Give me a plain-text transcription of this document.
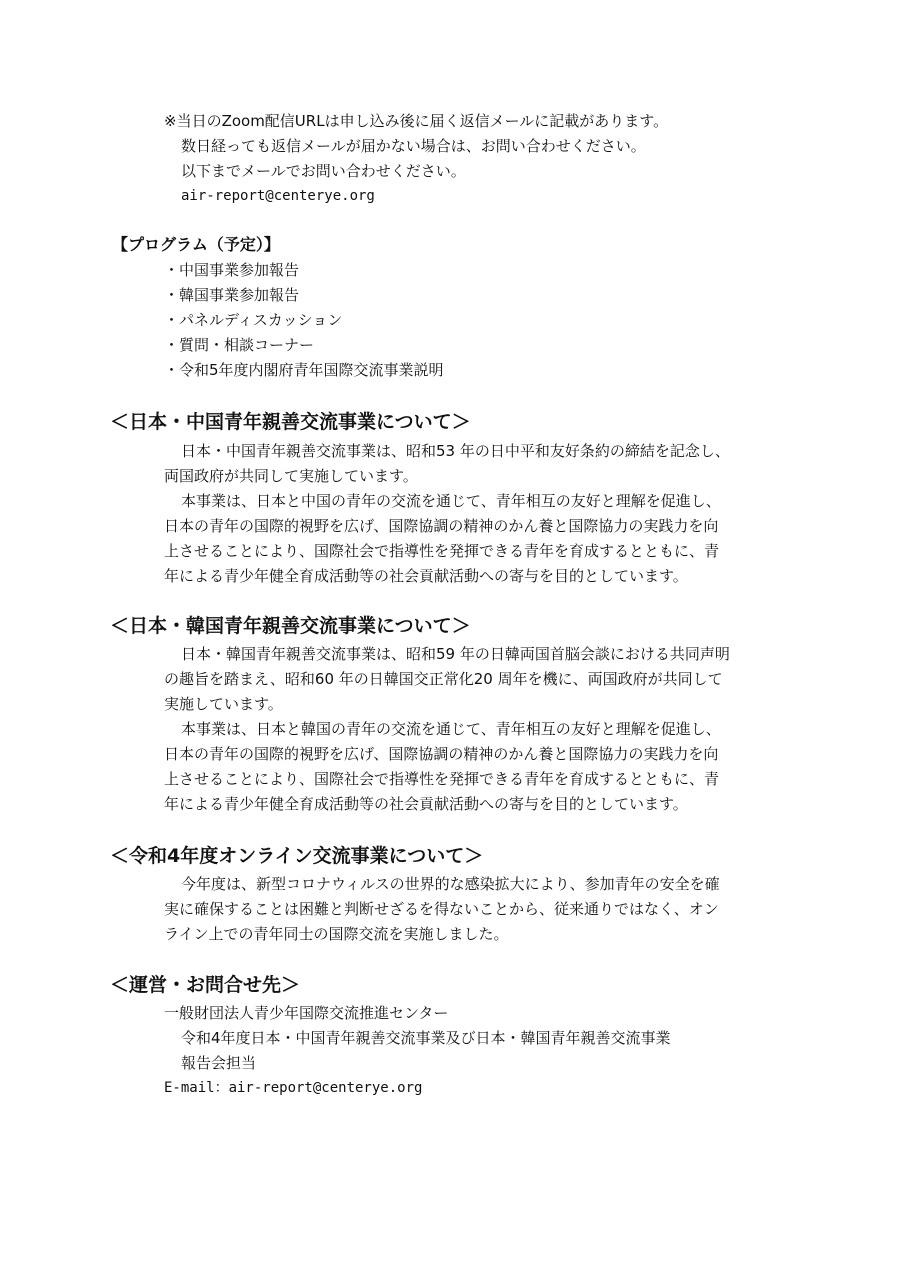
※当日のZoom配信URLは申し込み後に届く返信メールに記載があります。
数日経っても返信メールが届かない場合は、お問い合わせください。
以下までメールでお問い合わせください。
air-report@centerye.org
【プログラム（予定）】
・中国事業参加報告
・韓国事業参加報告
・パネルディスカッション
・質問・相談コーナー
・令和5年度内閣府青年国際交流事業説明
＜日本・中国青年親善交流事業について＞
日本・中国青年親善交流事業は、昭和53 年の日中平和友好条約の締結を記念し、
両国政府が共同して実施しています。
本事業は、日本と中国の青年の交流を通じて、青年相互の友好と理解を促進し、
日本の青年の国際的視野を広げ、国際協調の精神のかん養と国際協力の実践力を向
上させることにより、国際社会で指導性を発揮できる青年を育成するとともに、青
年による青少年健全育成活動等の社会貢献活動への寄与を目的としています。
＜日本・韓国青年親善交流事業について＞
日本・韓国青年親善交流事業は、昭和59 年の日韓両国首脳会談における共同声明
の趣旨を踏まえ、昭和60 年の日韓国交正常化20 周年を機に、両国政府が共同して
実施しています。
本事業は、日本と韓国の青年の交流を通じて、青年相互の友好と理解を促進し、
日本の青年の国際的視野を広げ、国際協調の精神のかん養と国際協力の実践力を向
上させることにより、国際社会で指導性を発揮できる青年を育成するとともに、青
年による青少年健全育成活動等の社会貢献活動への寄与を目的としています。
＜令和4年度オンライン交流事業について＞
今年度は、新型コロナウィルスの世界的な感染拡大により、参加青年の安全を確
実に確保することは困難と判断せざるを得ないことから、従来通りではなく、オン
ライン上での青年同士の国際交流を実施しました。
＜運営・お問合せ先＞
一般財団法人青少年国際交流推進センター
令和4年度日本・中国青年親善交流事業及び日本・韓国青年親善交流事業
報告会担当
E-mail：air-report@centerye.org
